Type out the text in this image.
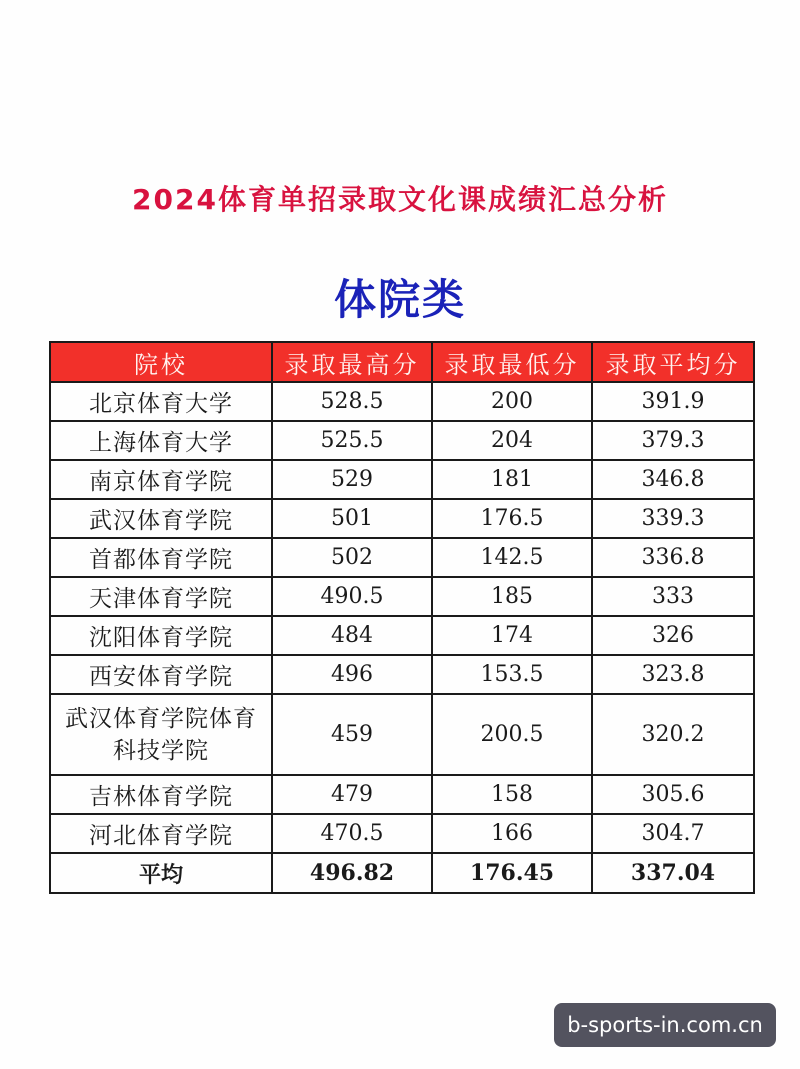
2024体育单招录取文化课成绩汇总分析
体院类
院校	录取最高分	录取最低分	录取平均分
北京体育大学	528.5	200	391.9
上海体育大学	525.5	204	379.3
南京体育学院	529	181	346.8
武汉体育学院	501	176.5	339.3
首都体育学院	502	142.5	336.8
天津体育学院	490.5	185	333
沈阳体育学院	484	174	326
西安体育学院	496	153.5	323.8

武汉体育学院体育
科技学院	459	200.5	320.2
吉林体育学院	479	158	305.6
河北体育学院	470.5	166	304.7
平均	496.82	176.45	337.04
b-sports-in.com.cn
